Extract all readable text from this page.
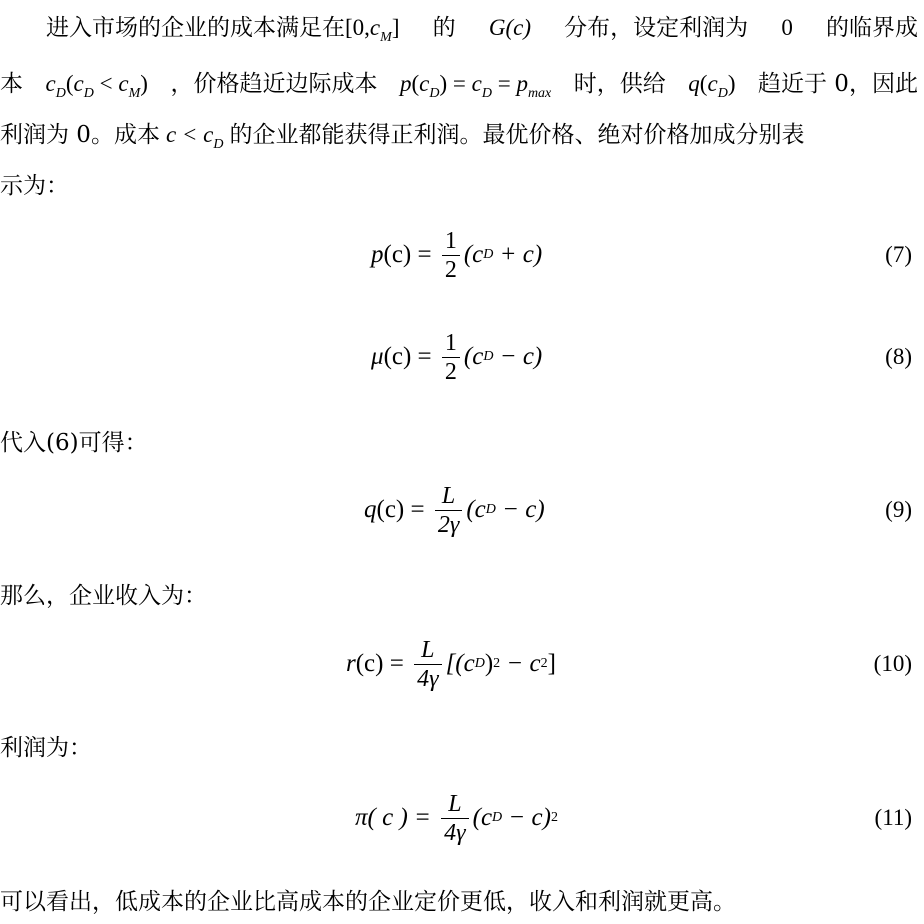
　　进入市场的企业的成本满足在$[0,c_M]$ 的 G(c) 分布，设定利润为 0 的临界成
本 $c_D(c_D < c_M)$ ，价格趋近边际成本 $p(c_D) = c_D = p_{max}$ 时，供给 $q(c_D)$ 趋近于 0，因此
利润为 0。成本 $c < c_D$ 的企业都能获得正利润。最优价格、绝对价格加成分别表
示为：
p $(c) = \frac{1}{2} (c$ D + c)	(7)
μ $(c) = \frac{1}{2} (c$ D − c)	(8)
代入(6)可得：
q $(c) = \frac{L}{2\gamma} (c$ D − c)	(9)
那么，企业收入为：
r $(c) = \frac{L}{4\gamma} [(c$ D ) 2 − c 2 ]	(10)
利润为：
π ( c ) = $\frac{L}{4\gamma} (c$ D − c) 2	(11)
可以看出，低成本的企业比高成本的企业定价更低，收入和利润就更高。
